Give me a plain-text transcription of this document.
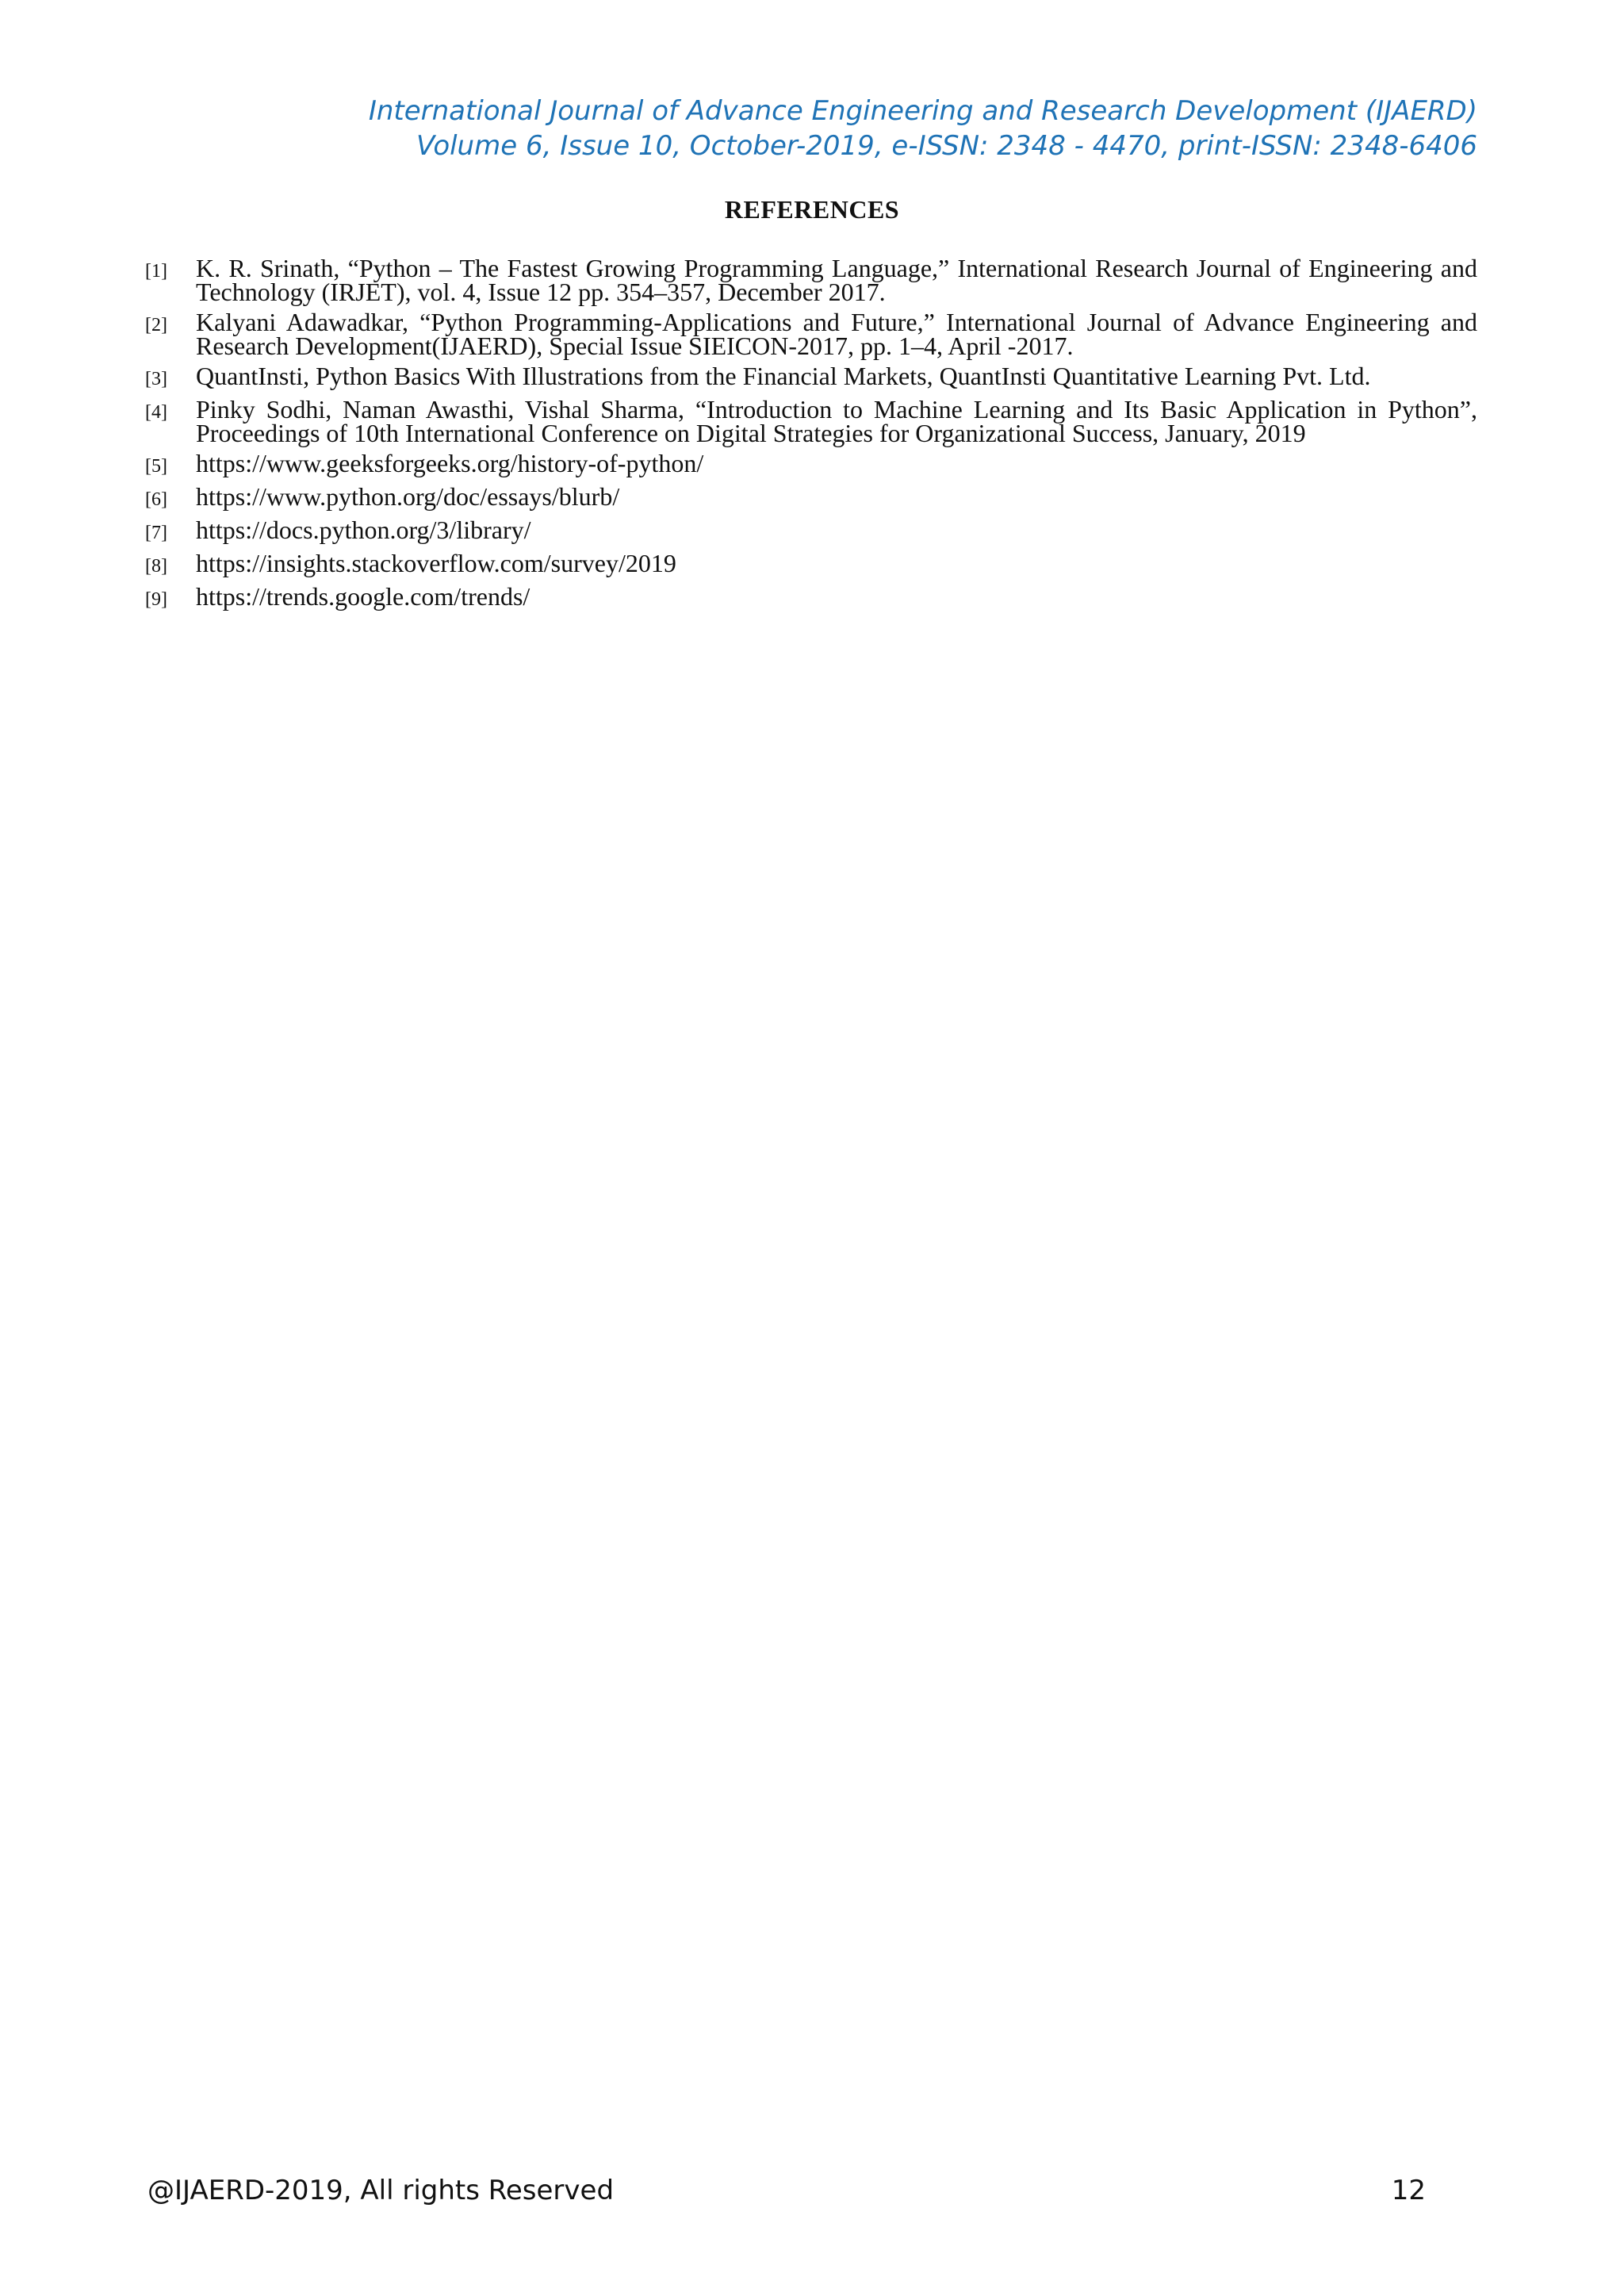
International Journal of Advance Engineering and Research Development (IJAERD)
Volume 6, Issue 10, October-2019, e-ISSN: 2348 - 4470, print-ISSN: 2348-6406
REFERENCES
[1]	K. R. Srinath, “Python – The Fastest Growing Programming Language,” International Research Journal of Engineering and Technology (IRJET), vol. 4, Issue 12 pp. 354–357, December 2017.
[2]	Kalyani Adawadkar, “Python Programming-Applications and Future,” International Journal of Advance Engineering and Research Development(IJAERD), Special Issue SIEICON-2017, pp. 1–4, April -2017.
[3]	QuantInsti, Python Basics With Illustrations from the Financial Markets, QuantInsti Quantitative Learning Pvt. Ltd.
[4]	Pinky Sodhi, Naman Awasthi, Vishal Sharma, “Introduction to Machine Learning and Its Basic Application in Python”, Proceedings of 10th International Conference on Digital Strategies for Organizational Success, January, 2019
[5]	https://www.geeksforgeeks.org/history-of-python/
[6]	https://www.python.org/doc/essays/blurb/
[7]	https://docs.python.org/3/library/
[8]	https://insights.stackoverflow.com/survey/2019
[9]	https://trends.google.com/trends/
@IJAERD-2019, All rights Reserved	12
